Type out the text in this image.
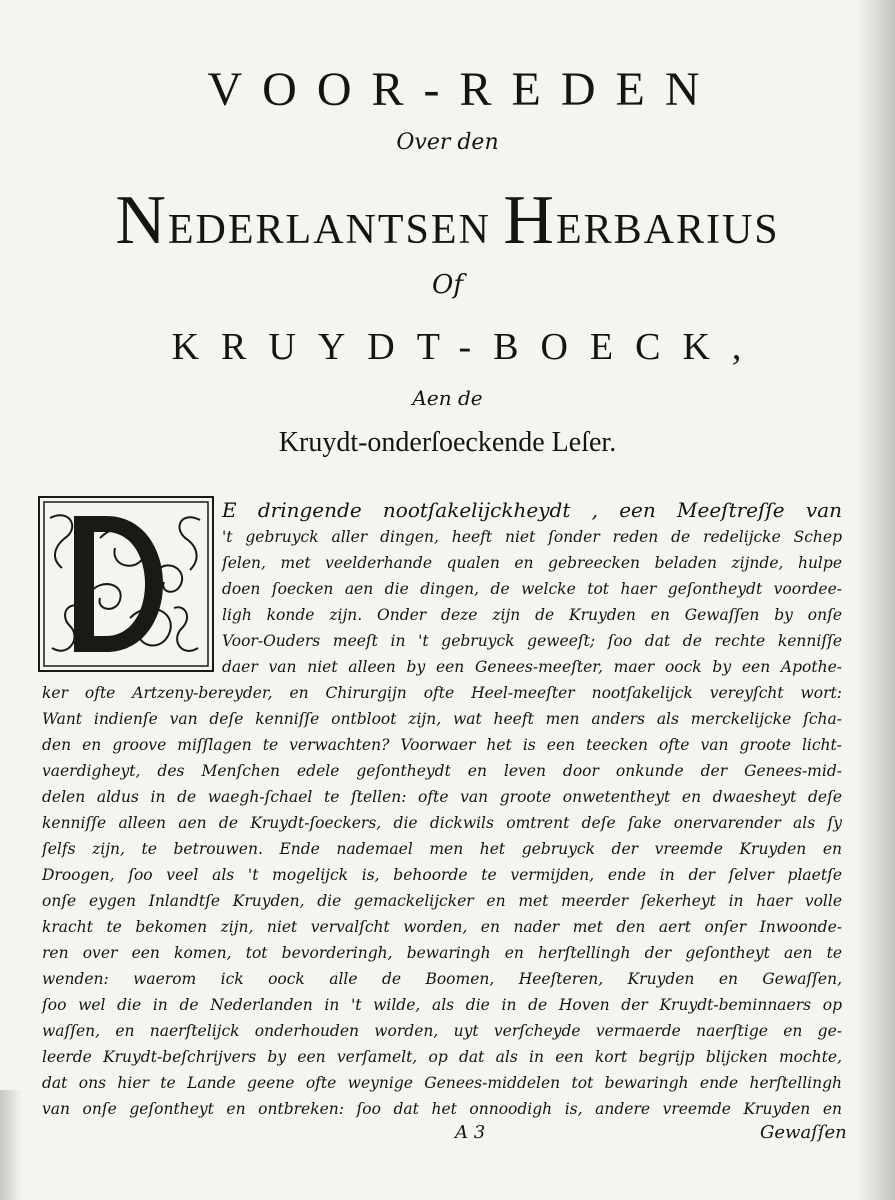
VOOR-REDEN
Over den
NEDERLANTSEN HERBARIUS
Of
KRUYDT-BOECK,
Aen de
Kruydt-onderſoeckende Leſer.
E dringende nootſakelijckheydt , een Meeſtreſſe van
't gebruyck aller dingen, heeft niet ſonder reden de redelijcke Schep
ſelen, met veelderhande qualen en gebreecken beladen zijnde, hulpe
doen ſoecken aen die dingen, de welcke tot haer geſontheydt voordee-
ligh konde zijn. Onder deze zijn de Kruyden en Gewaſſen by onſe
Voor-Ouders meeſt in 't gebruyck geweeſt; ſoo dat de rechte kenniſſe
daer van niet alleen by een Genees-meeſter, maer oock by een Apothe-
ker ofte Artzeny-bereyder, en Chirurgijn ofte Heel-meeſter nootſakelijck vereyſcht wort:
Want indienſe van deſe kenniſſe ontbloot zijn, wat heeft men anders als merckelijcke ſcha-
den en groove miſſlagen te verwachten? Voorwaer het is een teecken ofte van groote licht-
vaerdigheyt, des Menſchen edele geſontheydt en leven door onkunde der Genees-mid-
delen aldus in de waegh-ſchael te ſtellen: ofte van groote onwetentheyt en dwaesheyt deſe
kenniſſe alleen aen de Kruydt-ſoeckers, die dickwils omtrent deſe ſake onervarender als ſy
ſelfs zijn, te betrouwen. Ende nademael men het gebruyck der vreemde Kruyden en
Droogen, ſoo veel als 't mogelijck is, behoorde te vermijden, ende in der ſelver plaetſe
onſe eygen Inlandtſe Kruyden, die gemackelijcker en met meerder ſekerheyt in haer volle
kracht te bekomen zijn, niet vervalſcht worden, en nader met den aert onſer Inwoonde-
ren over een komen, tot bevorderingh, bewaringh en herſtellingh der geſontheyt aen te
wenden: waerom ick oock alle de Boomen, Heeſteren, Kruyden en Gewaſſen,
ſoo wel die in de Nederlanden in 't wilde, als die in de Hoven der Kruydt-beminnaers op
waſſen, en naerſtelijck onderhouden worden, uyt verſcheyde vermaerde naerſtige en ge-
leerde Kruydt-beſchrijvers by een verſamelt, op dat als in een kort begrijp blijcken mochte,
dat ons hier te Lande geene ofte weynige Genees-middelen tot bewaringh ende herſtellingh
van onſe geſontheyt en ontbreken: ſoo dat het onnoodigh is, andere vreemde Kruyden en
A 3	Gewaſſen
